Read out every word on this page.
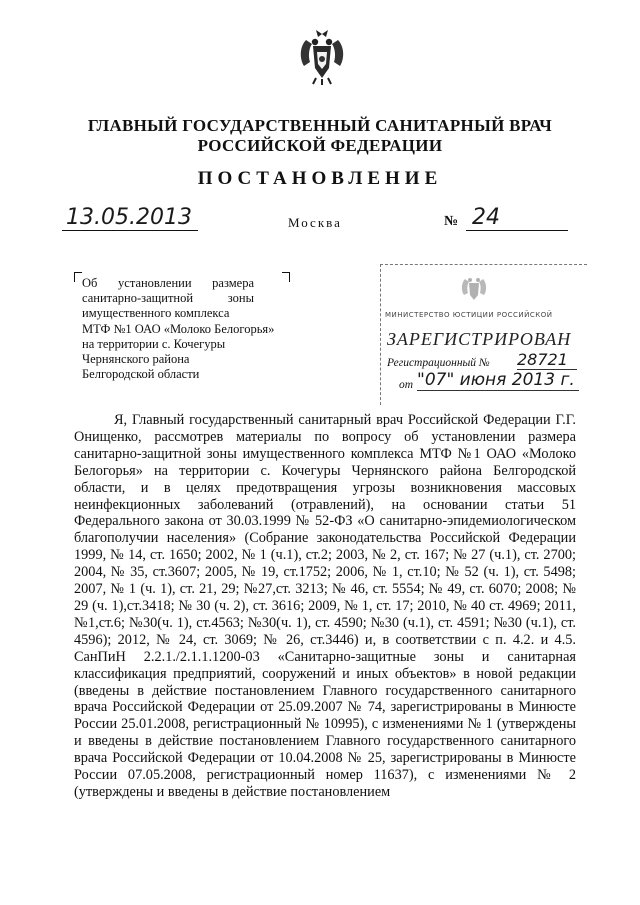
ГЛАВНЫЙ ГОСУДАРСТВЕННЫЙ САНИТАРНЫЙ ВРАЧ
РОССИЙСКОЙ ФЕДЕРАЦИИ
ПОСТАНОВЛЕНИЕ
13.05.2013	Москва	№ 24
Об установлении размера
санитарно-защитной зоны
имущественного комплекса
МТФ №1 ОАО «Молоко Белогорья»
на территории с. Кочегуры
Чернянского района
Белгородской области
МИНИСТЕРСТВО ЮСТИЦИИ РОССИЙСКОЙ
ЗАРЕГИСТРИРОВАН
Регистрационный № 28721
от "07" июня 2013 г.

Я, Главный государственный санитарный врач Российской Федерации Г.Г. Онищенко, рассмотрев материалы по вопросу об установлении размера санитарно-защитной зоны имущественного комплекса МТФ №1 ОАО «Молоко Белогорья» на территории с. Кочегуры Чернянского района Белгородской области, и в целях предотвращения угрозы возникновения массовых неинфекционных заболеваний (отравлений), на основании статьи 51 Федерального закона от 30.03.1999 № 52-ФЗ «О санитарно-эпидемиологическом благополучии населения» (Собрание законодательства Российской Федерации 1999, № 14, ст. 1650; 2002, № 1 (ч.1), ст.2; 2003, № 2, ст. 167; № 27 (ч.1), ст. 2700; 2004, № 35, ст.3607; 2005, № 19, ст.1752; 2006, № 1, ст.10; № 52 (ч. 1), ст. 5498; 2007, № 1 (ч. 1), ст. 21, 29; №27,ст. 3213; № 46, ст. 5554; № 49, ст. 6070; 2008; № 29 (ч. 1),ст.3418; № 30 (ч. 2), ст. 3616; 2009, № 1, ст. 17; 2010, № 40 ст. 4969; 2011, №1,ст.6; №30(ч. 1), ст.4563; №30(ч. 1), ст. 4590; №30 (ч.1), ст. 4591; №30 (ч.1), ст. 4596); 2012, № 24, ст. 3069; № 26, ст.3446) и, в соответствии с п. 4.2. и 4.5. СанПиН 2.2.1./2.1.1.1200-03 «Санитарно-защитные зоны и санитарная классификация предприятий, сооружений и иных объектов» в новой редакции (введены в действие постановлением Главного государственного санитарного врача Российской Федерации от 25.09.2007 № 74, зарегистрированы в Минюсте России 25.01.2008, регистрационный № 10995), с изменениями № 1 (утверждены и введены в действие постановлением Главного государственного санитарного врача Российской Федерации от 10.04.2008 № 25, зарегистрированы в Минюсте России 07.05.2008, регистрационный номер 11637), с изменениями № 2 (утверждены и введены в действие постановлением
